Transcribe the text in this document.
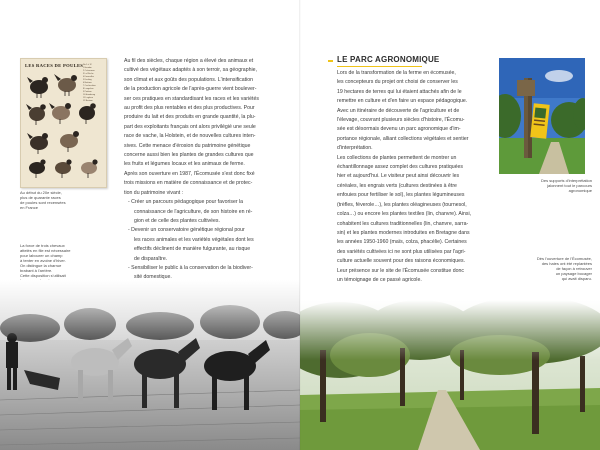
LES RACES DE POULES No 1 à 12
1 Houdan
2 Crèvecœur
3 La Flèche
4 Faverolles
5 Dorking
6 Brahma
7 Cochinchine
8 Langshan
9 Padoue
10 Hambourg
11 Leghorn
12 Bantam

Au début du 20e siècle,

plus de quarante races

de poules sont recensées

en France

La force de trois chevaux

attelés en file est nécessaire

pour labourer un champ

à tenter en avoine d'hiver.

On distingue la charrue

brabant à l'arrière.

Cette disposition s'utilisait

Au fil des siècles, chaque région a élevé des animaux et

cultivé des végétaux adaptés à son terroir, sa géographie,

son climat et aux goûts des populations. L'intensification

de la production agricole de l'après-guerre vient boulever-

ser ces pratiques en standardisant les races et les variétés

au profit des plus rentables et des plus productives. Pour

produire du lait et des produits en grande quantité, la plu-

part des exploitants français ont alors privilégié une seule

race de vache, la Holstein, et de nouvelles cultures inten-

sives. Cette menace d'érosion du patrimoine génétique

concerne aussi bien les plantes de grandes cultures que

les fruits et légumes locaux et les animaux de ferme.

Après son ouverture en 1987, l'Écomusée s'est donc fixé

trois missions en matière de connaissance et de protec-

tion du patrimoine vivant :

- Créer un parcours pédagogique pour favoriser la

connaissance de l'agriculture, de son histoire en ré-

gion et de celle des plantes cultivées.

- Devenir un conservatoire génétique régional pour

les races animales et les variétés végétales dont les

effectifs déclinent de manière fulgurante, au risque

de disparaître.

- Sensibiliser le public à la conservation de la biodiver-

sité domestique.

LE PARC AGRONOMIQUE

Lors de la transformation de la ferme en écomusée,

les concepteurs du projet ont choisi de conserver les

19 hectares de terres qui lui étaient attachés afin de le

remettre en culture et d'en faire un espace pédagogique.

Avec un itinéraire de découverte de l'agriculture et de

l'élevage, couvrant plusieurs siècles d'histoire, l'Écomu-

sée est désormais devenu un parc agronomique d'im-

portance régionale, alliant collections végétales et sentier

d'interprétation.

Les collections de plantes permettent de montrer un

échantillonnage assez complet des cultures pratiquées

hier et aujourd'hui. Le visiteur peut ainsi découvrir les

céréales, les engrais verts (cultures destinées à être

enfouies pour fertiliser le sol), les plantes légumineuses

(trèfles, féverole…), les plantes oléagineuses (tournesol,

colza…) ou encore les plantes textiles (lin, chanvre). Ainsi,

cohabitent les cultures traditionnelles (lin, chanvre, sarra-

sin) et les plantes modernes introduites en Bretagne dans

les années 1950-1960 (maïs, colza, phacélie). Certaines

des variétés cultivées ici ne sont plus utilisées par l'agri-

culture actuelle souvent pour des raisons économiques.

Leur présence sur le site de l'Écomusée constitue donc

un témoignage de ce passé agricole.

Des supports d'interprétation

jalonnent tout le parcours

agronomique

Dès l'ouverture de l'Écomusée,

des haies ont été replantées

de façon à retrouver

un paysage bocager

qui avait disparu.
